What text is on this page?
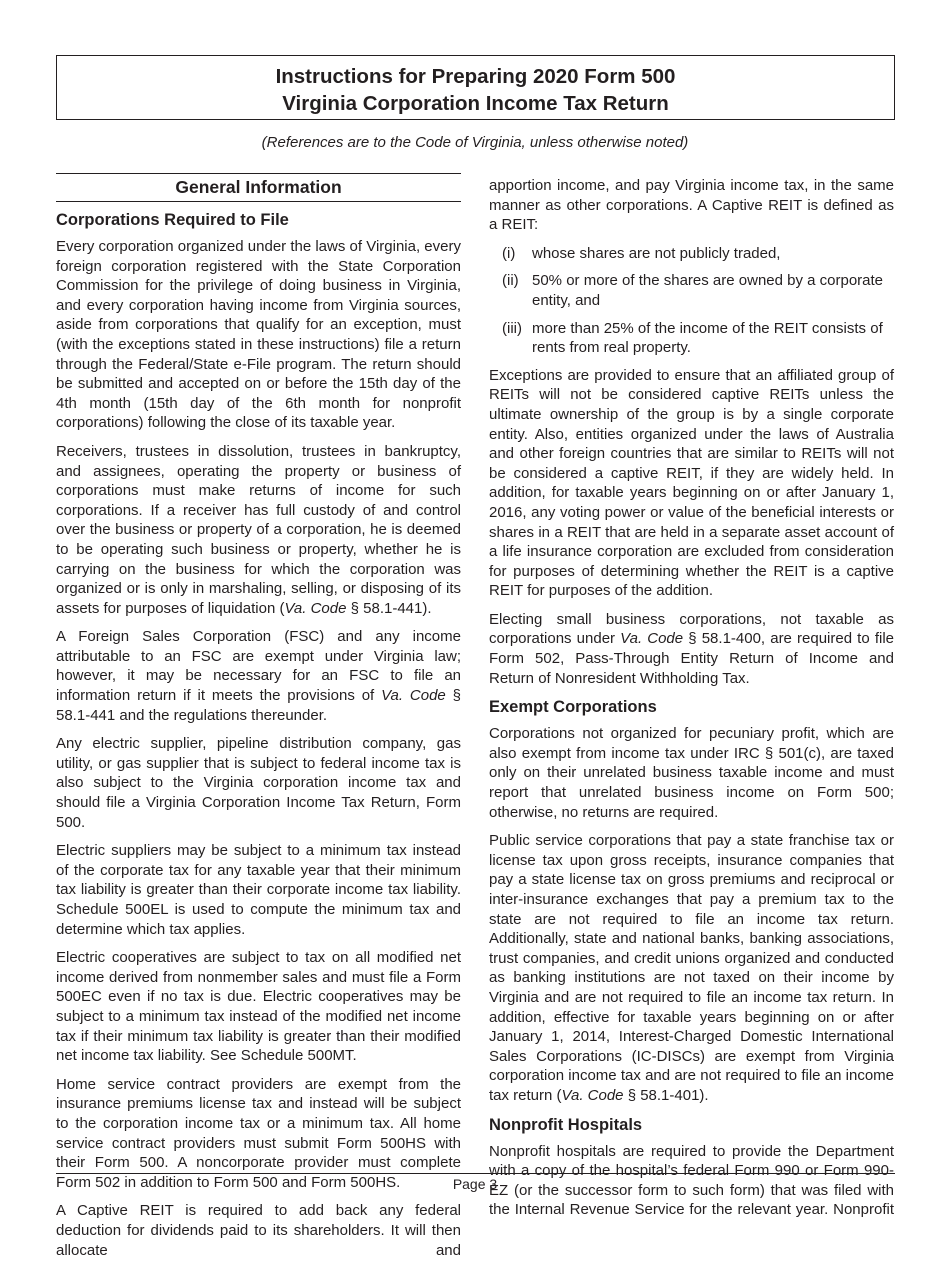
Instructions for Preparing 2020 Form 500
Virginia Corporation Income Tax Return
(References are to the Code of Virginia, unless otherwise noted)
General Information
Corporations Required to File
Every corporation organized under the laws of Virginia, every foreign corporation registered with the State Corporation Commission for the privilege of doing business in Virginia, and every corporation having income from Virginia sources, aside from corporations that qualify for an exception, must (with the exceptions stated in these instructions) file a return through the Federal/State e-File program. The return should be submitted and accepted on or before the 15th day of the 4th month (15th day of the 6th month for nonprofit corporations) following the close of its taxable year.
Receivers, trustees in dissolution, trustees in bankruptcy, and assignees, operating the property or business of corporations must make returns of income for such corporations. If a receiver has full custody of and control over the business or property of a corporation, he is deemed to be operating such business or property, whether he is carrying on the business for which the corporation was organized or is only in marshaling, selling, or disposing of its assets for purposes of liquidation (Va. Code § 58.1-441).
A Foreign Sales Corporation (FSC) and any income attributable to an FSC are exempt under Virginia law; however, it may be necessary for an FSC to file an information return if it meets the provisions of Va. Code § 58.1-441 and the regulations thereunder.
Any electric supplier, pipeline distribution company, gas utility, or gas supplier that is subject to federal income tax is also subject to the Virginia corporation income tax and should file a Virginia Corporation Income Tax Return, Form 500.
Electric suppliers may be subject to a minimum tax instead of the corporate tax for any taxable year that their minimum tax liability is greater than their corporate income tax liability. Schedule 500EL is used to compute the minimum tax and determine which tax applies.
Electric cooperatives are subject to tax on all modified net income derived from nonmember sales and must file a Form 500EC even if no tax is due. Electric cooperatives may be subject to a minimum tax instead of the modified net income tax if their minimum tax liability is greater than their modified net income tax liability. See Schedule 500MT.
Home service contract providers are exempt from the insurance premiums license tax and instead will be subject to the corporation income tax or a minimum tax. All home service contract providers must submit Form 500HS with their Form 500. A noncorporate provider must complete Form 502 in addition to Form 500 and Form 500HS.
A Captive REIT is required to add back any federal deduction for dividends paid to its shareholders. It will then allocate and
apportion income, and pay Virginia income tax, in the same manner as other corporations. A Captive REIT is defined as a REIT:
(i)	whose shares are not publicly traded,
(ii) 50% or more of the shares are owned by a corporate entity, and
(iii) more than 25% of the income of the REIT consists of rents from real property.
Exceptions are provided to ensure that an affiliated group of REITs will not be considered captive REITs unless the ultimate ownership of the group is by a single corporate entity. Also, entities organized under the laws of Australia and other foreign countries that are similar to REITs will not be considered a captive REIT, if they are widely held. In addition, for taxable years beginning on or after January 1, 2016, any voting power or value of the beneficial interests or shares in a REIT that are held in a separate asset account of a life insurance corporation are excluded from consideration for purposes of determining whether the REIT is a captive REIT for purposes of the addition.
Electing small business corporations, not taxable as corporations under Va. Code § 58.1-400, are required to file Form 502, Pass-Through Entity Return of Income and Return of Nonresident Withholding Tax.
Exempt Corporations
Corporations not organized for pecuniary profit, which are also exempt from income tax under IRC § 501(c), are taxed only on their unrelated business taxable income and must report that unrelated business income on Form 500; otherwise, no returns are required.
Public service corporations that pay a state franchise tax or license tax upon gross receipts, insurance companies that pay a state license tax on gross premiums and reciprocal or inter-insurance exchanges that pay a premium tax to the state are not required to file an income tax return. Additionally, state and national banks, banking associations, trust companies, and credit unions organized and conducted as banking institutions are not taxed on their income by Virginia and are not required to file an income tax return. In addition, effective for taxable years beginning on or after January 1, 2014, Interest-Charged Domestic International Sales Corporations (IC-DISCs) are exempt from Virginia corporation income tax and are not required to file an income tax return (Va. Code § 58.1-401).
Nonprofit Hospitals
Nonprofit hospitals are required to provide the Department with a copy of the hospital’s federal Form 990 or Form 990-EZ (or the successor form to such form) that was filed with the Internal Revenue Service for the relevant year. Nonprofit
Page 3
